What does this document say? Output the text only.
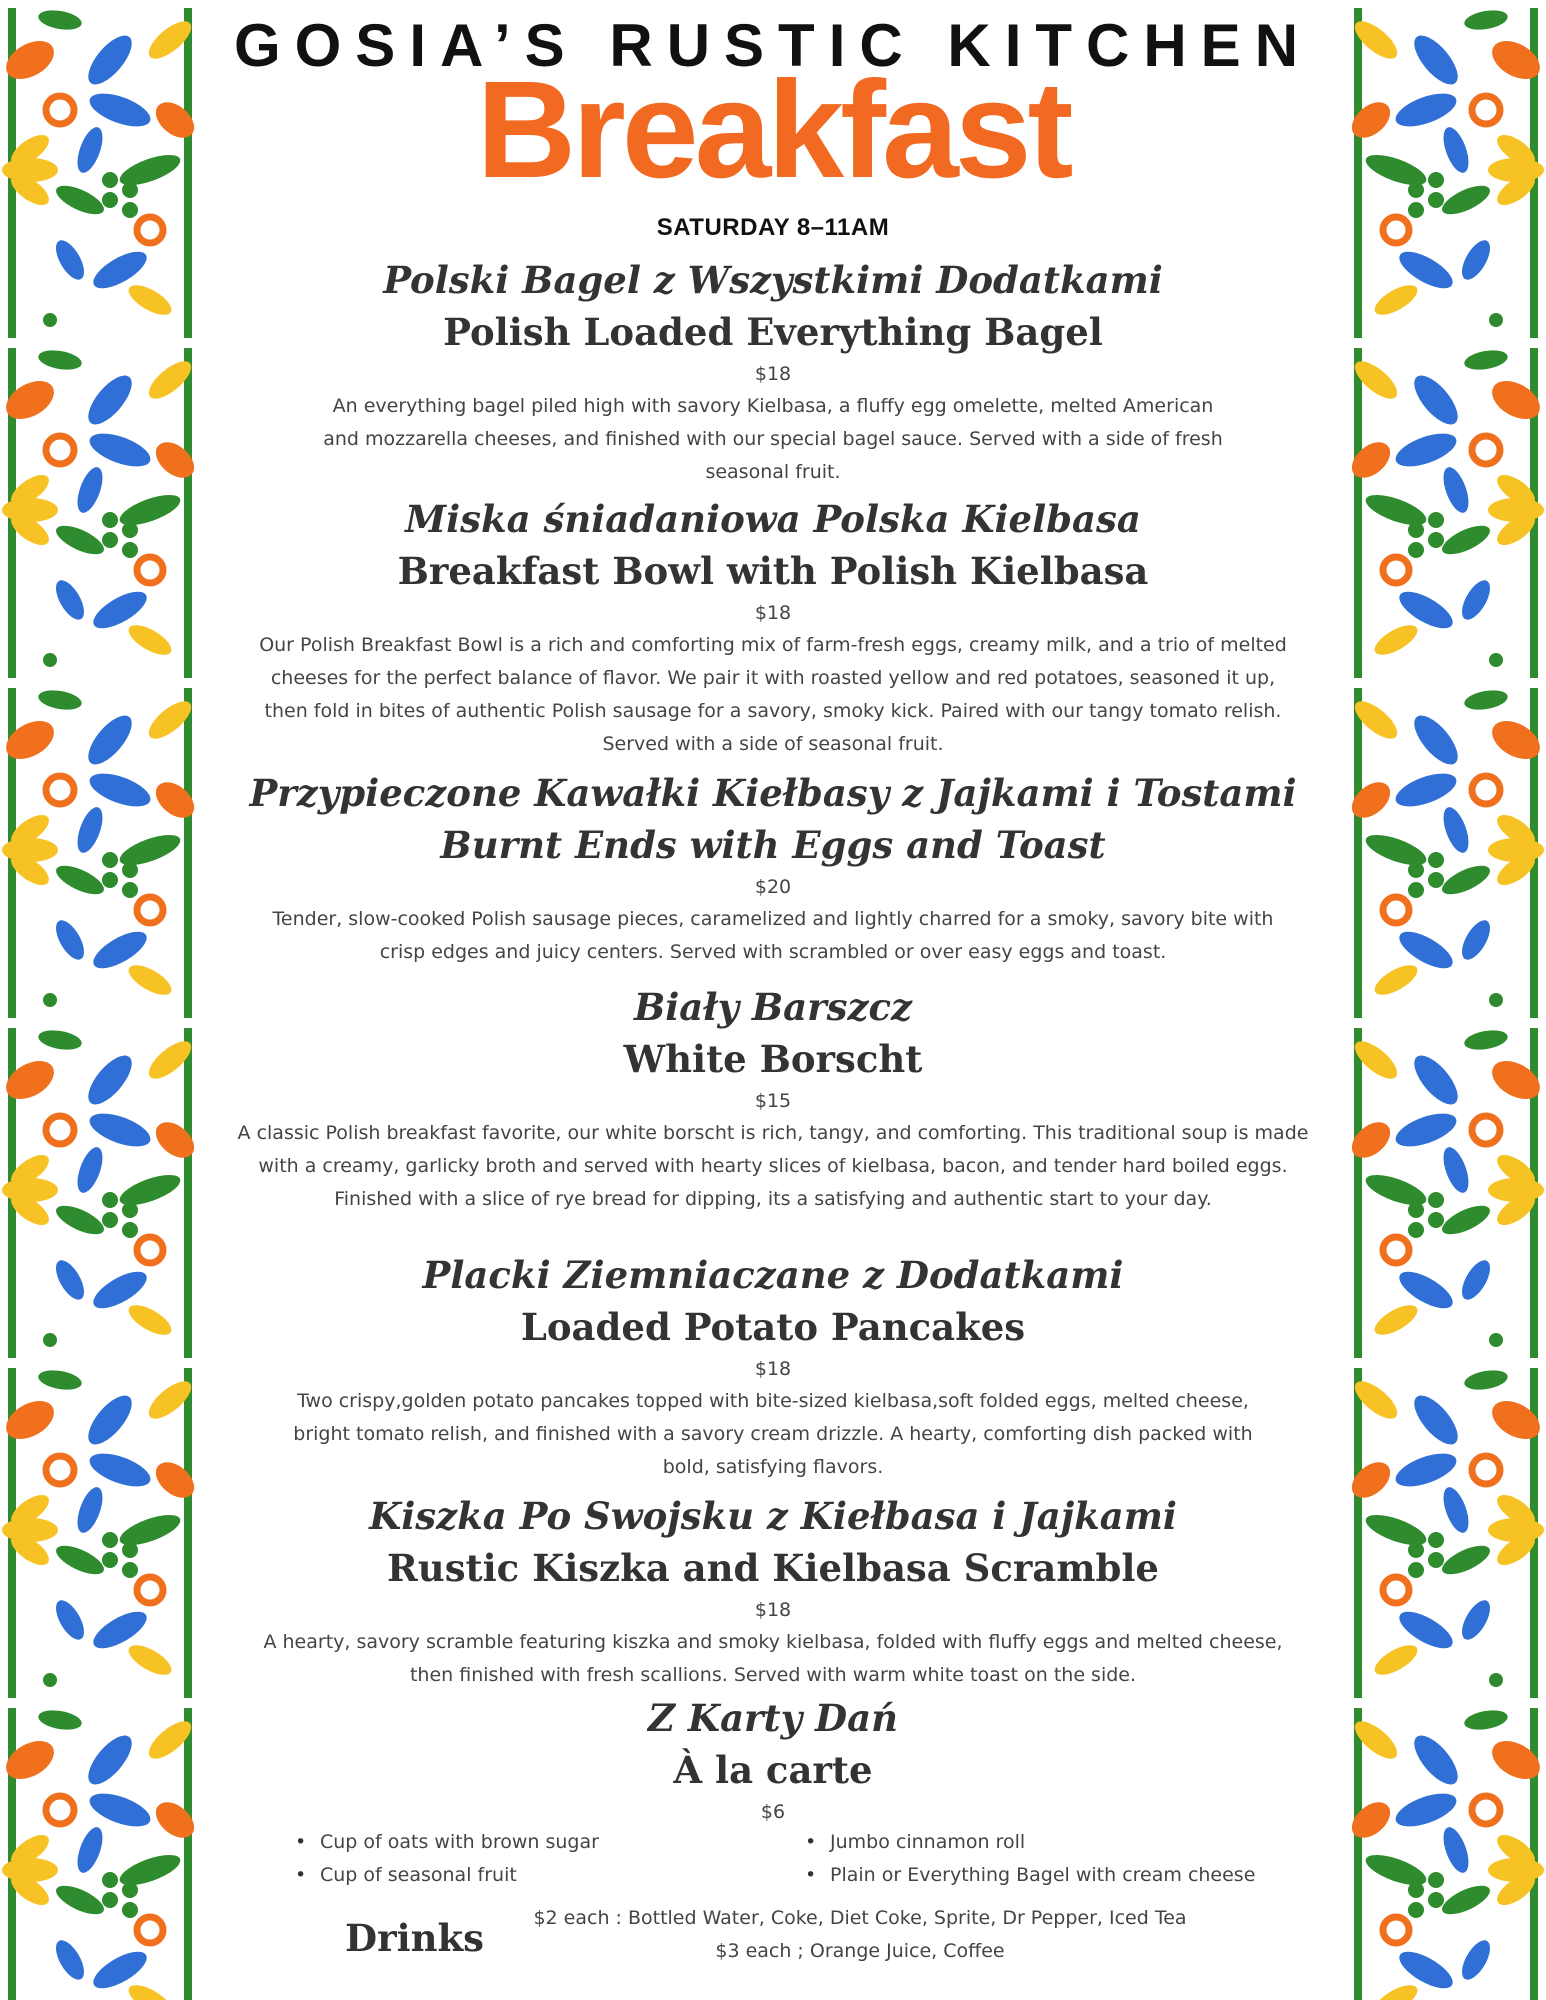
GOSIA’S RUSTIC KITCHEN
Breakfast
SATURDAY 8–11AM
Polski Bagel z Wszystkimi Dodatkami
Polish Loaded Everything Bagel
$18
An everything bagel piled high with savory Kielbasa, a fluffy egg omelette, melted American and mozzarella cheeses, and finished with our special bagel sauce. Served with a side of fresh seasonal fruit.
Miska śniadaniowa Polska Kielbasa
Breakfast Bowl with Polish Kielbasa
$18
Our Polish Breakfast Bowl is a rich and comforting mix of farm-fresh eggs, creamy milk, and a trio of melted cheeses for the perfect balance of flavor. We pair it with roasted yellow and red potatoes, seasoned it up, then fold in bites of authentic Polish sausage for a savory, smoky kick. Paired with our tangy tomato relish. Served with a side of seasonal fruit.
Przypieczone Kawałki Kiełbasy z Jajkami i Tostami
Burnt Ends with Eggs and Toast
$20
Tender, slow-cooked Polish sausage pieces, caramelized and lightly charred for a smoky, savory bite with crisp edges and juicy centers. Served with scrambled or over easy eggs and toast.
Biały Barszcz
White Borscht
$15
A classic Polish breakfast favorite, our white borscht is rich, tangy, and comforting. This traditional soup is made with a creamy, garlicky broth and served with hearty slices of kielbasa, bacon, and tender hard boiled eggs. Finished with a slice of rye bread for dipping, its a satisfying and authentic start to your day.
Placki Ziemniaczane z Dodatkami
Loaded Potato Pancakes
$18
Two crispy,golden potato pancakes topped with bite-sized kielbasa,soft folded eggs, melted cheese, bright tomato relish, and finished with a savory cream drizzle. A hearty, comforting dish packed with bold, satisfying flavors.
Kiszka Po Swojsku z Kiełbasa i Jajkami
Rustic Kiszka and Kielbasa Scramble
$18
A hearty, savory scramble featuring kiszka and smoky kielbasa, folded with fluffy eggs and melted cheese, then finished with fresh scallions. Served with warm white toast on the side.
Z Karty Dań
À la carte
$6
• Cup of oats with brown sugar
• Cup of seasonal fruit
• Jumbo cinnamon roll
• Plain or Everything Bagel with cream cheese
Drinks	$2 each : Bottled Water, Coke, Diet Coke, Sprite, Dr Pepper, Iced Tea
$3 each ; Orange Juice, Coffee
